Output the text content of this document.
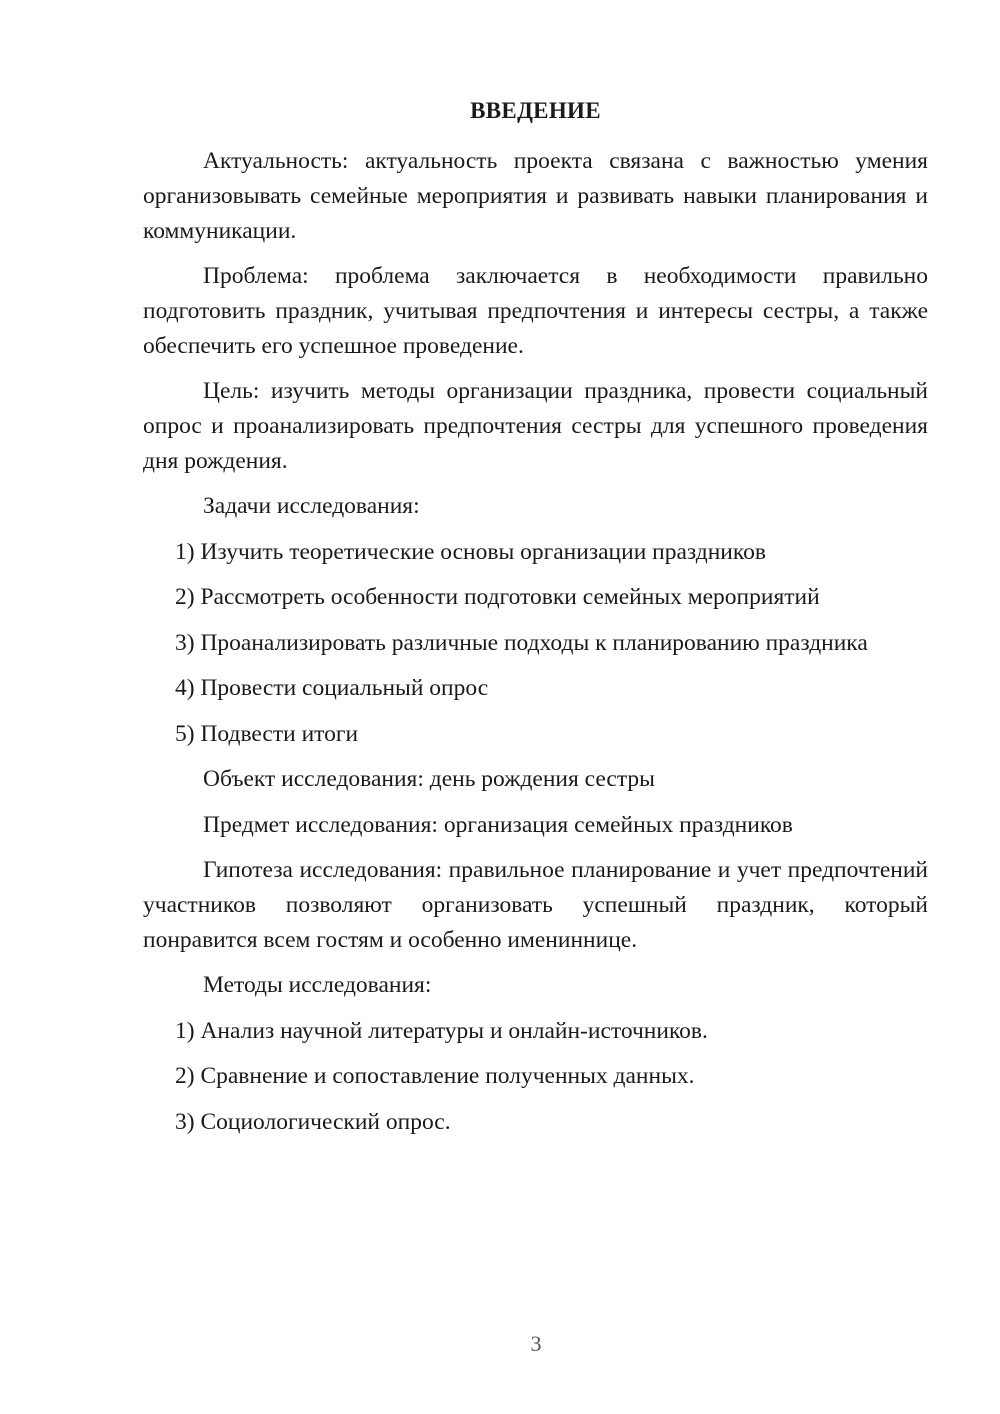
ВВЕДЕНИЕ
Актуальность: актуальность проекта связана с важностью умения организовывать семейные мероприятия и развивать навыки планирования и коммуникации.
Проблема: проблема заключается в необходимости правильно подготовить праздник, учитывая предпочтения и интересы сестры, а также обеспечить его успешное проведение.
Цель: изучить методы организации праздника, провести социальный опрос и проанализировать предпочтения сестры для успешного проведения дня рождения.
Задачи исследования:
1) Изучить теоретические основы организации праздников
2) Рассмотреть особенности подготовки семейных мероприятий
3) Проанализировать различные подходы к планированию праздника
4) Провести социальный опрос
5) Подвести итоги
Объект исследования: день рождения сестры
Предмет исследования: организация семейных праздников
Гипотеза исследования: правильное планирование и учет предпочтений участников позволяют организовать успешный праздник, который понравится всем гостям и особенно имениннице.
Методы исследования:
1) Анализ научной литературы и онлайн-источников.
2) Сравнение и сопоставление полученных данных.
3) Социологический опрос.
3
